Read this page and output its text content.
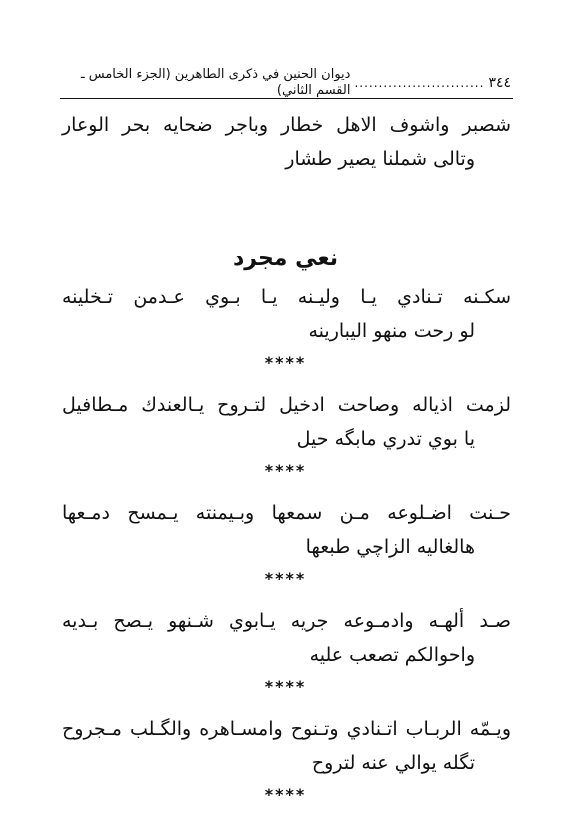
٣٤٤
...........................
ديوان الحنين في ذكرى الطاهرين (الجزء الخامس ـ القسم الثاني)
شصبر واشوف الاهل خطار وباجر ضحايه بحر الوعار
وتالى شملنا يصير طشار
نعي مجرد
سكـنه تـنادي يـا وليـنه يـا بـوي عـدمن تـخلينه
لو رحت منهو اليبارينه
****
لزمت اذياله وصاحت ادخيل لتـروح يـالعندك مـطافيل
يا بوي تدري مابگه حيل
****
حـنت اضـلوعه مـن سمعها وبـيمنته يـمسح دمـعها
هالغاليه الزاچي طبعها
****
صـد ألهـه وادمـوعه جريه يـابوي شـنهو يـصح بـديه
واحوالكم تصعب عليه
****
ويـمّه الربـاب اتـنادي وتـنوح وامسـاهره والگـلب مـجروح
تگله يوالي عنه لتروح
****
